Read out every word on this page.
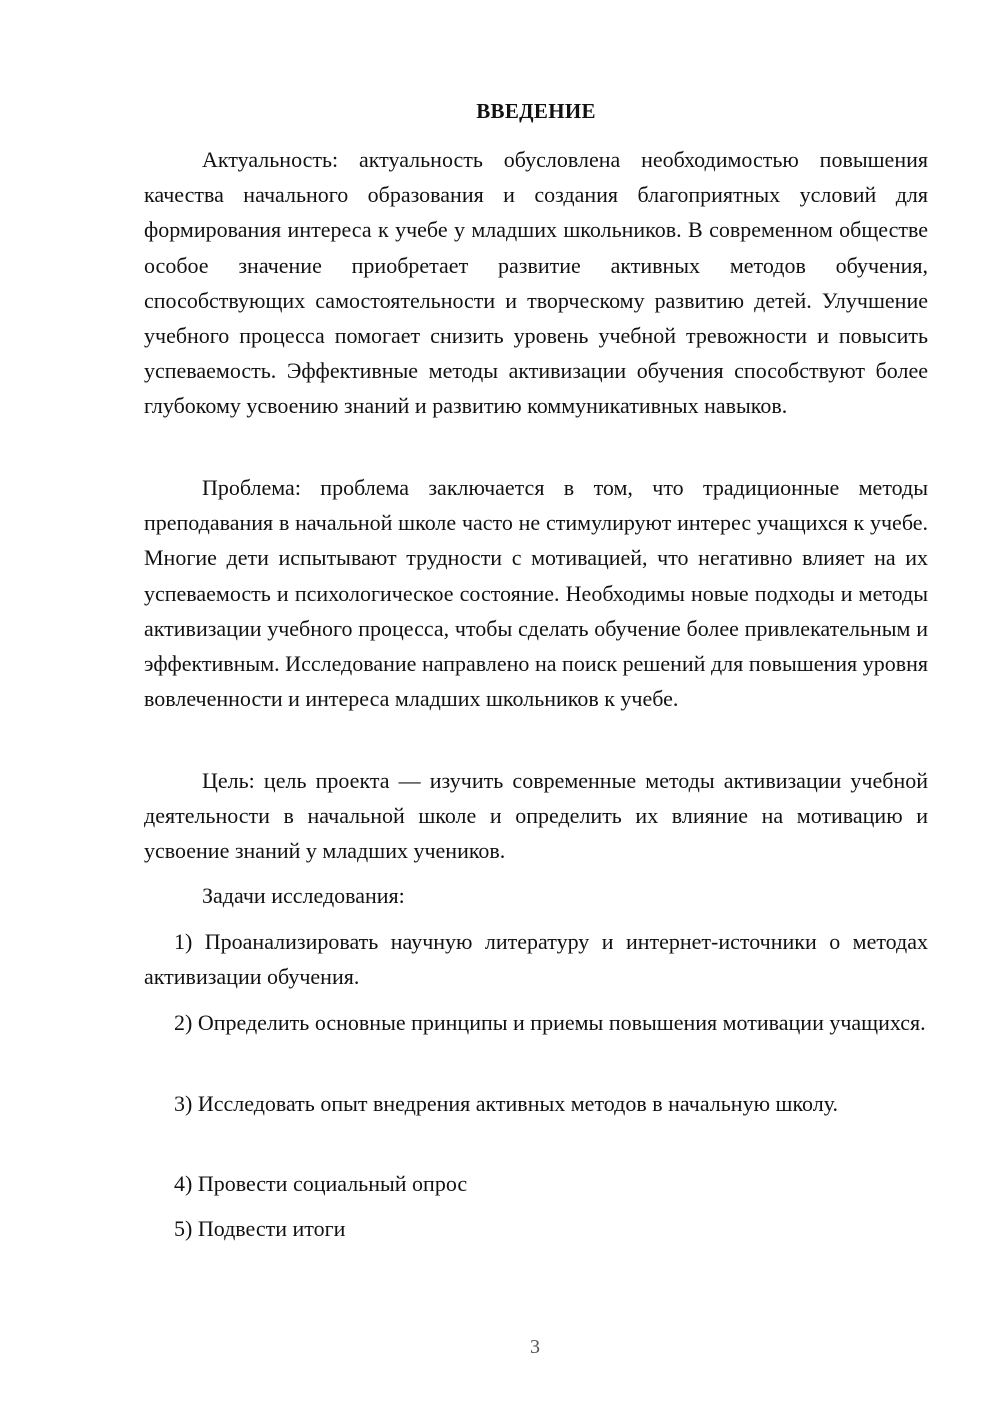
ВВЕДЕНИЕ

Актуальность: актуальность обусловлена необходимостью повышения качества начального образования и создания благоприятных условий для формирования интереса к учебе у младших школьников. В современном обществе особое значение приобретает развитие активных методов обучения, способствующих самостоятельности и творческому развитию детей. Улучшение учебного процесса помогает снизить уровень учебной тревожности и повысить успеваемость. Эффективные методы активизации обучения способствуют более глубокому усвоению знаний и развитию коммуникативных навыков.

Проблема: проблема заключается в том, что традиционные методы преподавания в начальной школе часто не стимулируют интерес учащихся к учебе. Многие дети испытывают трудности с мотивацией, что негативно влияет на их успеваемость и психологическое состояние. Необходимы новые подходы и методы активизации учебного процесса, чтобы сделать обучение более привлекательным и эффективным. Исследование направлено на поиск решений для повышения уровня вовлеченности и интереса младших школьников к учебе.

Цель: цель проекта — изучить современные методы активизации учебной деятельности в начальной школе и определить их влияние на мотивацию и усвоение знаний у младших учеников.

Задачи исследования:

1) Проанализировать научную литературу и интернет-источники о методах активизации обучения.

2) Определить основные принципы и приемы повышения мотивации учащихся.

3) Исследовать опыт внедрения активных методов в начальную школу.

4) Провести социальный опрос

5) Подвести итоги

3
